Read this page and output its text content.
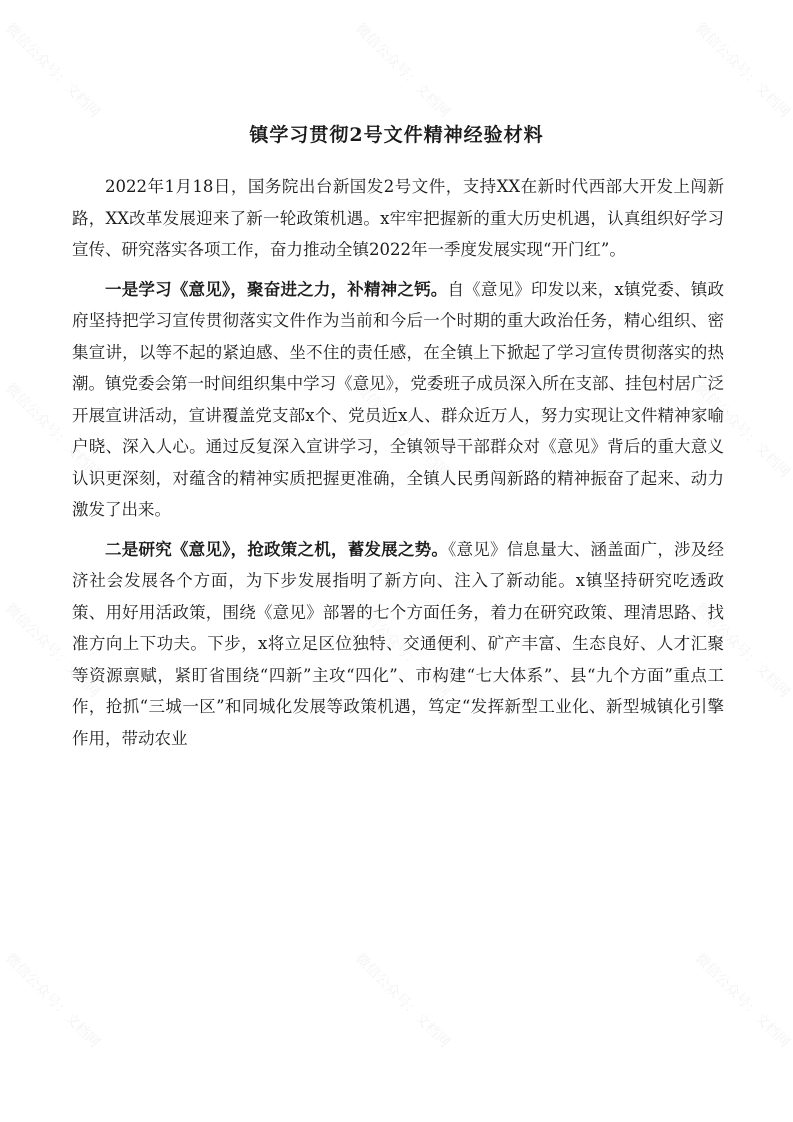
微信公众号：文档网	微信公众号：文档网	微信公众号：文档网
微信公众号：文档网	微信公众号：文档网	微信公众号：文档网
微信公众号：文档网	微信公众号：文档网	微信公众号：文档网
微信公众号：文档网	微信公众号：文档网	微信公众号：文档网
镇学习贯彻2号文件精神经验材料

2022年1月18日，国务院出台新国发2号文件，支持XX在新时代西部大开发上闯新路，XX改革发展迎来了新一轮政策机遇。x牢牢把握新的重大历史机遇，认真组织好学习宣传、研究落实各项工作，奋力推动全镇2022年一季度发展实现“开门红”。

一是学习《意见》，聚奋进之力，补精神之钙。自《意见》印发以来，x镇党委、镇政府坚持把学习宣传贯彻落实文件作为当前和今后一个时期的重大政治任务，精心组织、密集宣讲，以等不起的紧迫感、坐不住的责任感，在全镇上下掀起了学习宣传贯彻落实的热潮。镇党委会第一时间组织集中学习《意见》，党委班子成员深入所在支部、挂包村居广泛开展宣讲活动，宣讲覆盖党支部x个、党员近x人、群众近万人，努力实现让文件精神家喻户晓、深入人心。通过反复深入宣讲学习，全镇领导干部群众对《意见》背后的重大意义认识更深刻，对蕴含的精神实质把握更准确，全镇人民勇闯新路的精神振奋了起来、动力激发了出来。

二是研究《意见》，抢政策之机，蓄发展之势。《意见》信息量大、涵盖面广，涉及经济社会发展各个方面，为下步发展指明了新方向、注入了新动能。x镇坚持研究吃透政策、用好用活政策，围绕《意见》部署的七个方面任务，着力在研究政策、理清思路、找准方向上下功夫。下步，x将立足区位独特、交通便利、矿产丰富、生态良好、人才汇聚等资源禀赋，紧盯省围绕“四新”主攻“四化”、市构建“七大体系”、县“九个方面”重点工作，抢抓“三城一区”和同城化发展等政策机遇，笃定“发挥新型工业化、新型城镇化引擎作用，带动农业
